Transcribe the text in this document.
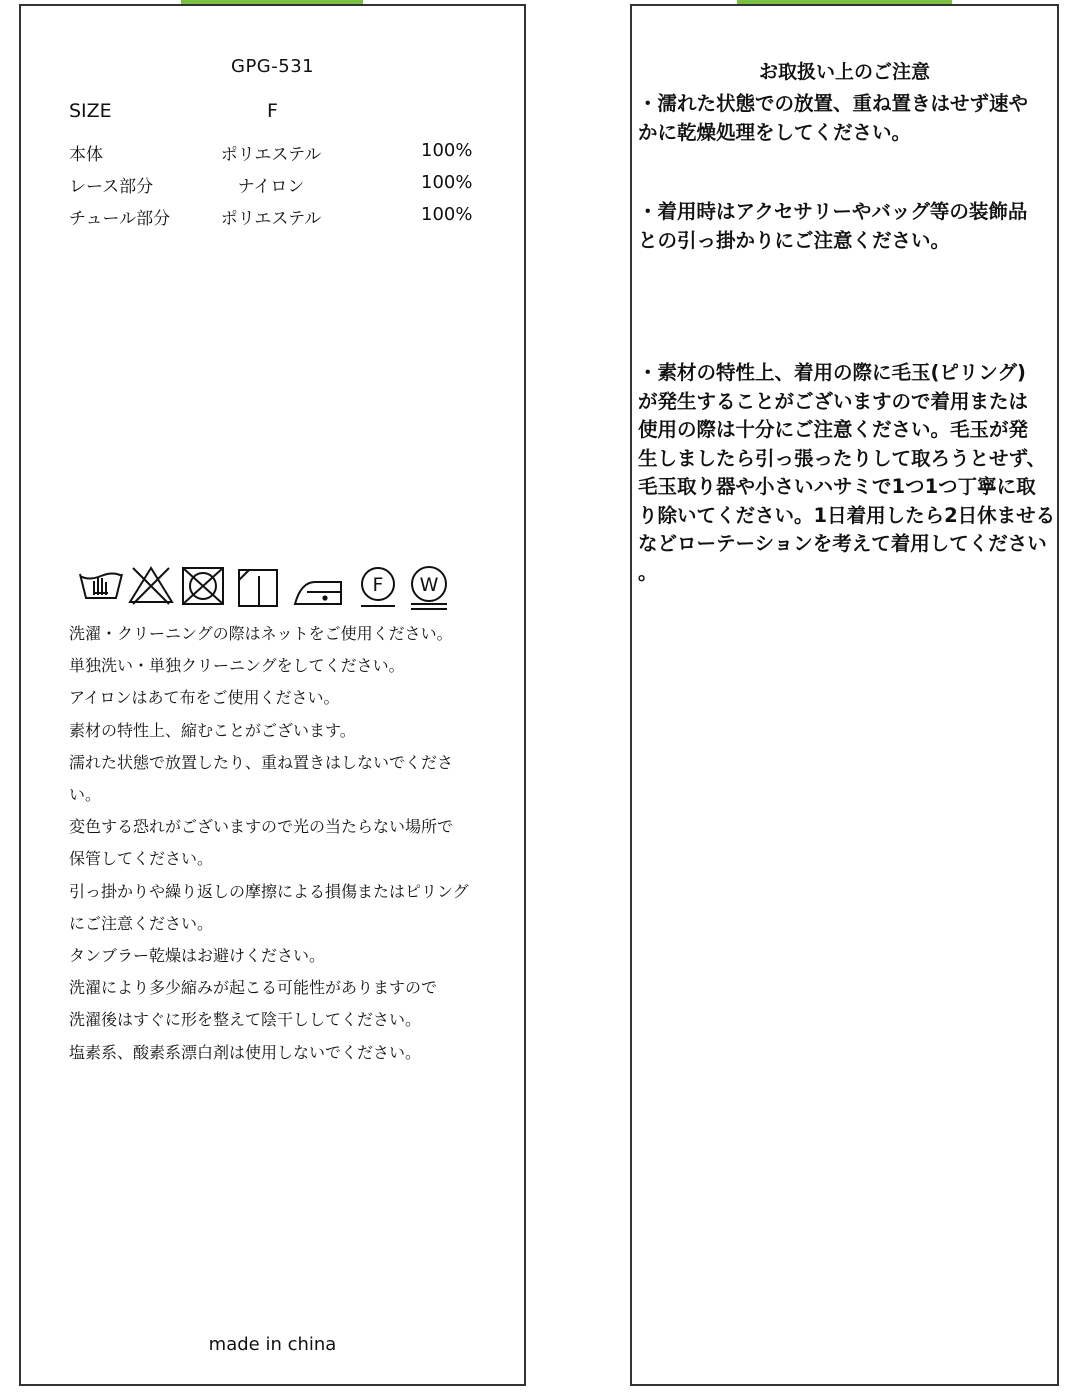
GPG-531
SIZE	F
本体	ポリエステル	100%
レース部分	ナイロン	100%
チュール部分	ポリエステル	100%
F W
洗濯・クリーニングの際はネットをご使用ください。
単独洗い・単独クリーニングをしてください。
アイロンはあて布をご使用ください。
素材の特性上、縮むことがございます。
濡れた状態で放置したり、重ね置きはしないでくださ
い。
変色する恐れがございますので光の当たらない場所で
保管してください。
引っ掛かりや繰り返しの摩擦による損傷またはピリング
にご注意ください。
タンブラー乾燥はお避けください。
洗濯により多少縮みが起こる可能性がありますので
洗濯後はすぐに形を整えて陰干ししてください。
塩素系、酸素系漂白剤は使用しないでください。
made in china
お取扱い上のご注意
・濡れた状態での放置、重ね置きはせず速や
かに乾燥処理をしてください。
・着用時はアクセサリーやバッグ等の装飾品
との引っ掛かりにご注意ください。
・素材の特性上、着用の際に毛玉(ピリング)
が発生することがございますので着用または
使用の際は十分にご注意ください。毛玉が発
生しましたら引っ張ったりして取ろうとせず、
毛玉取り器や小さいハサミで1つ1つ丁寧に取
り除いてください。1日着用したら2日休ませる
などローテーションを考えて着用してください
。
